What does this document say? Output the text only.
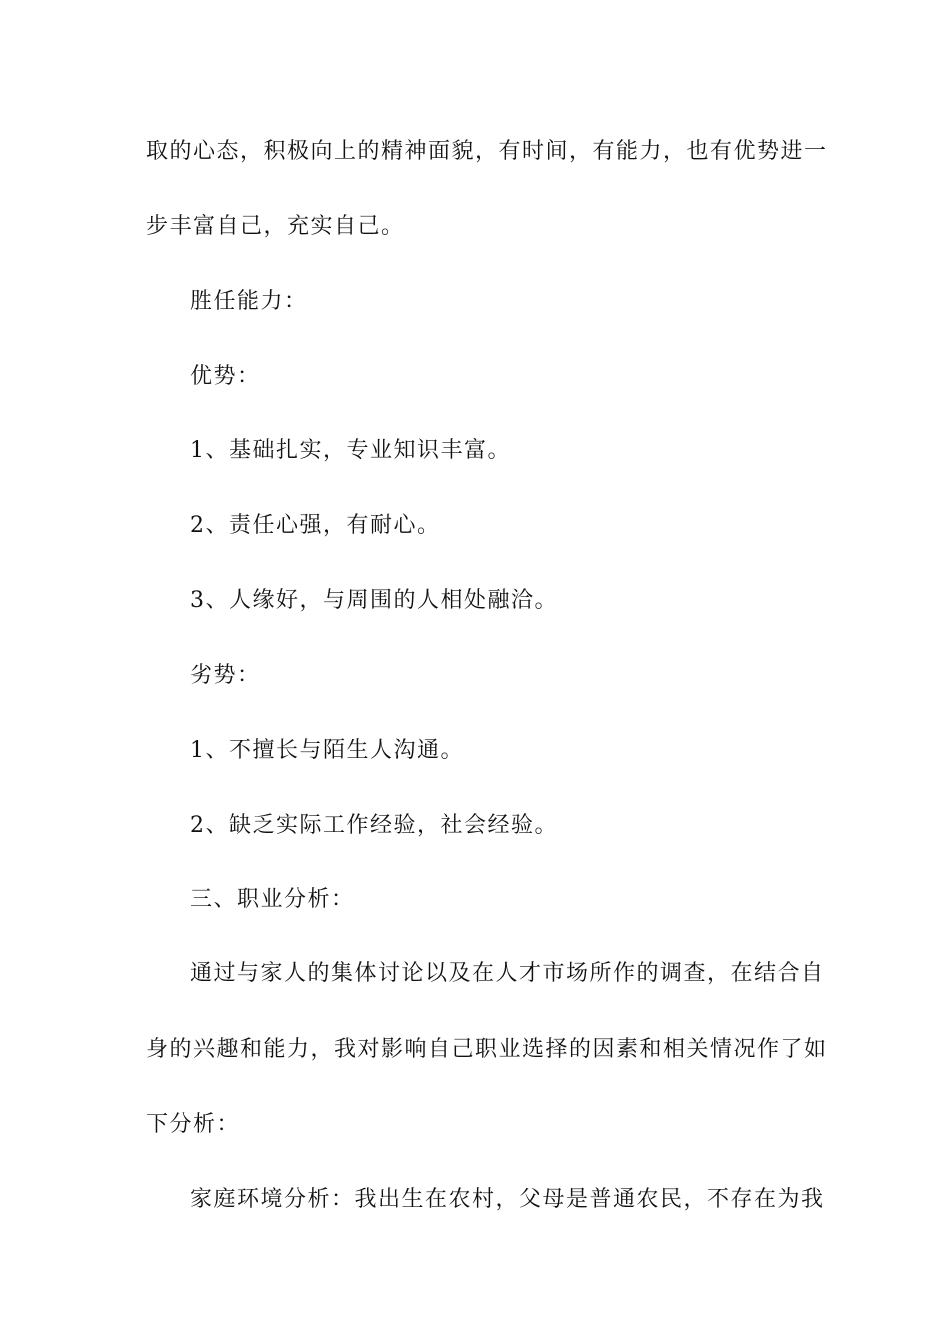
取的心态，积极向上的精神面貌，有时间，有能力，也有优势进一
步丰富自己，充实自己。
胜任能力：
优势：
1、基础扎实，专业知识丰富。
2、责任心强，有耐心。
3、人缘好，与周围的人相处融洽。
劣势：
1、不擅长与陌生人沟通。
2、缺乏实际工作经验，社会经验。
三、职业分析：
通过与家人的集体讨论以及在人才市场所作的调查，在结合自
身的兴趣和能力，我对影响自己职业选择的因素和相关情况作了如
下分析：
家庭环境分析：我出生在农村，父母是普通农民，不存在为我
